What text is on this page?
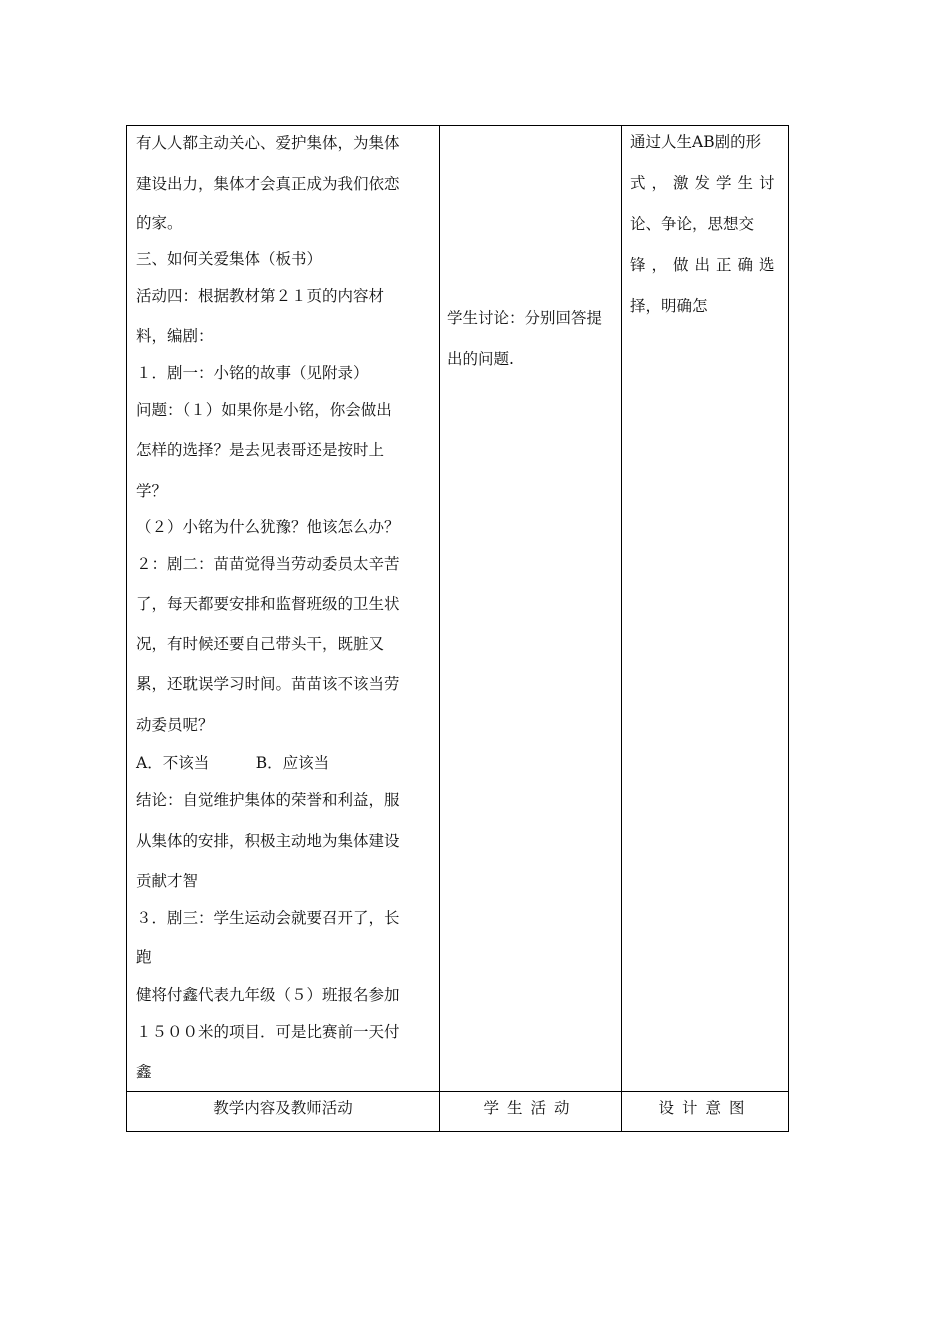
有人人都主动关心、爱护集体，为集体
建设出力，集体才会真正成为我们依恋
的家。
三、如何关爱集体（板书）
活动四：根据教材第２１页的内容材
料，编剧：
１．剧一：小铭的故事（见附录）
问题：（１）如果你是小铭，你会做出
怎样的选择？是去见表哥还是按时上
学？
（２）小铭为什么犹豫？他该怎么办？
２：剧二：苗苗觉得当劳动委员太辛苦
了，每天都要安排和监督班级的卫生状
况，有时候还要自己带头干，既脏又
累，还耽误学习时间。苗苗该不该当劳
动委员呢？
A．不该当　　　B．应该当
结论：自觉维护集体的荣誉和利益，服
从集体的安排，积极主动地为集体建设
贡献才智
３．剧三：学生运动会就要召开了，长
跑
健将付鑫代表九年级（５）班报名参加
１５００米的项目．可是比赛前一天付
鑫
学生讨论：分别回答提出的问题.
通过人生AB剧的形
式，激发学生讨
论、争论，思想交
锋，做出正确选
择，明确怎
教学内容及教师活动	学生活动	设计意图
